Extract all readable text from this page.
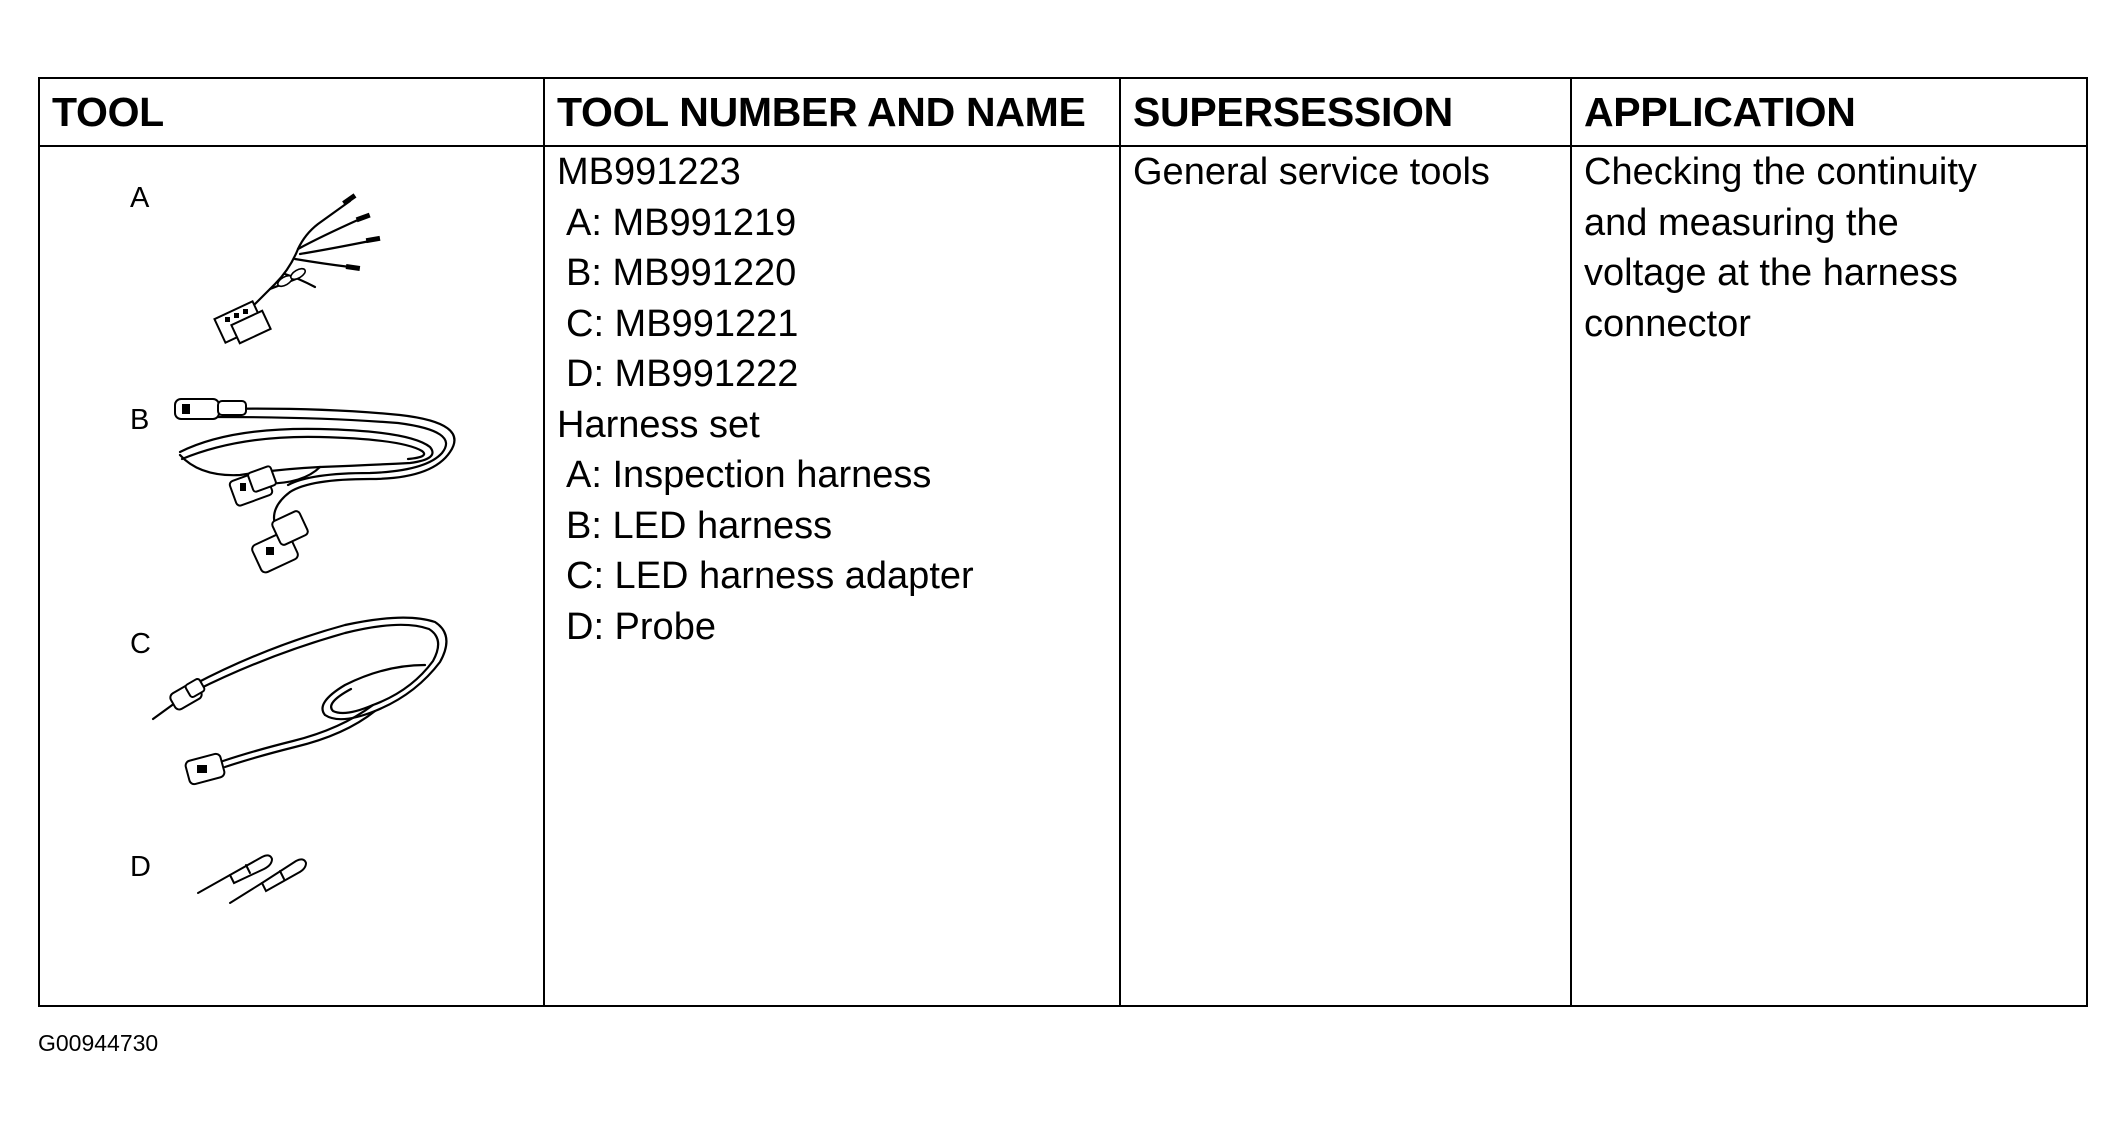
TOOL
A
B
C
D
TOOL NUMBER AND NAME
MB991223
A: MB991219
B: MB991220
C: MB991221
D: MB991222
Harness set
A: Inspection harness
B: LED harness
C: LED harness adapter
D: Probe
SUPERSESSION
General service tools
APPLICATION
Checking the continuity
and measuring the
voltage at the harness
connector
G00944730
